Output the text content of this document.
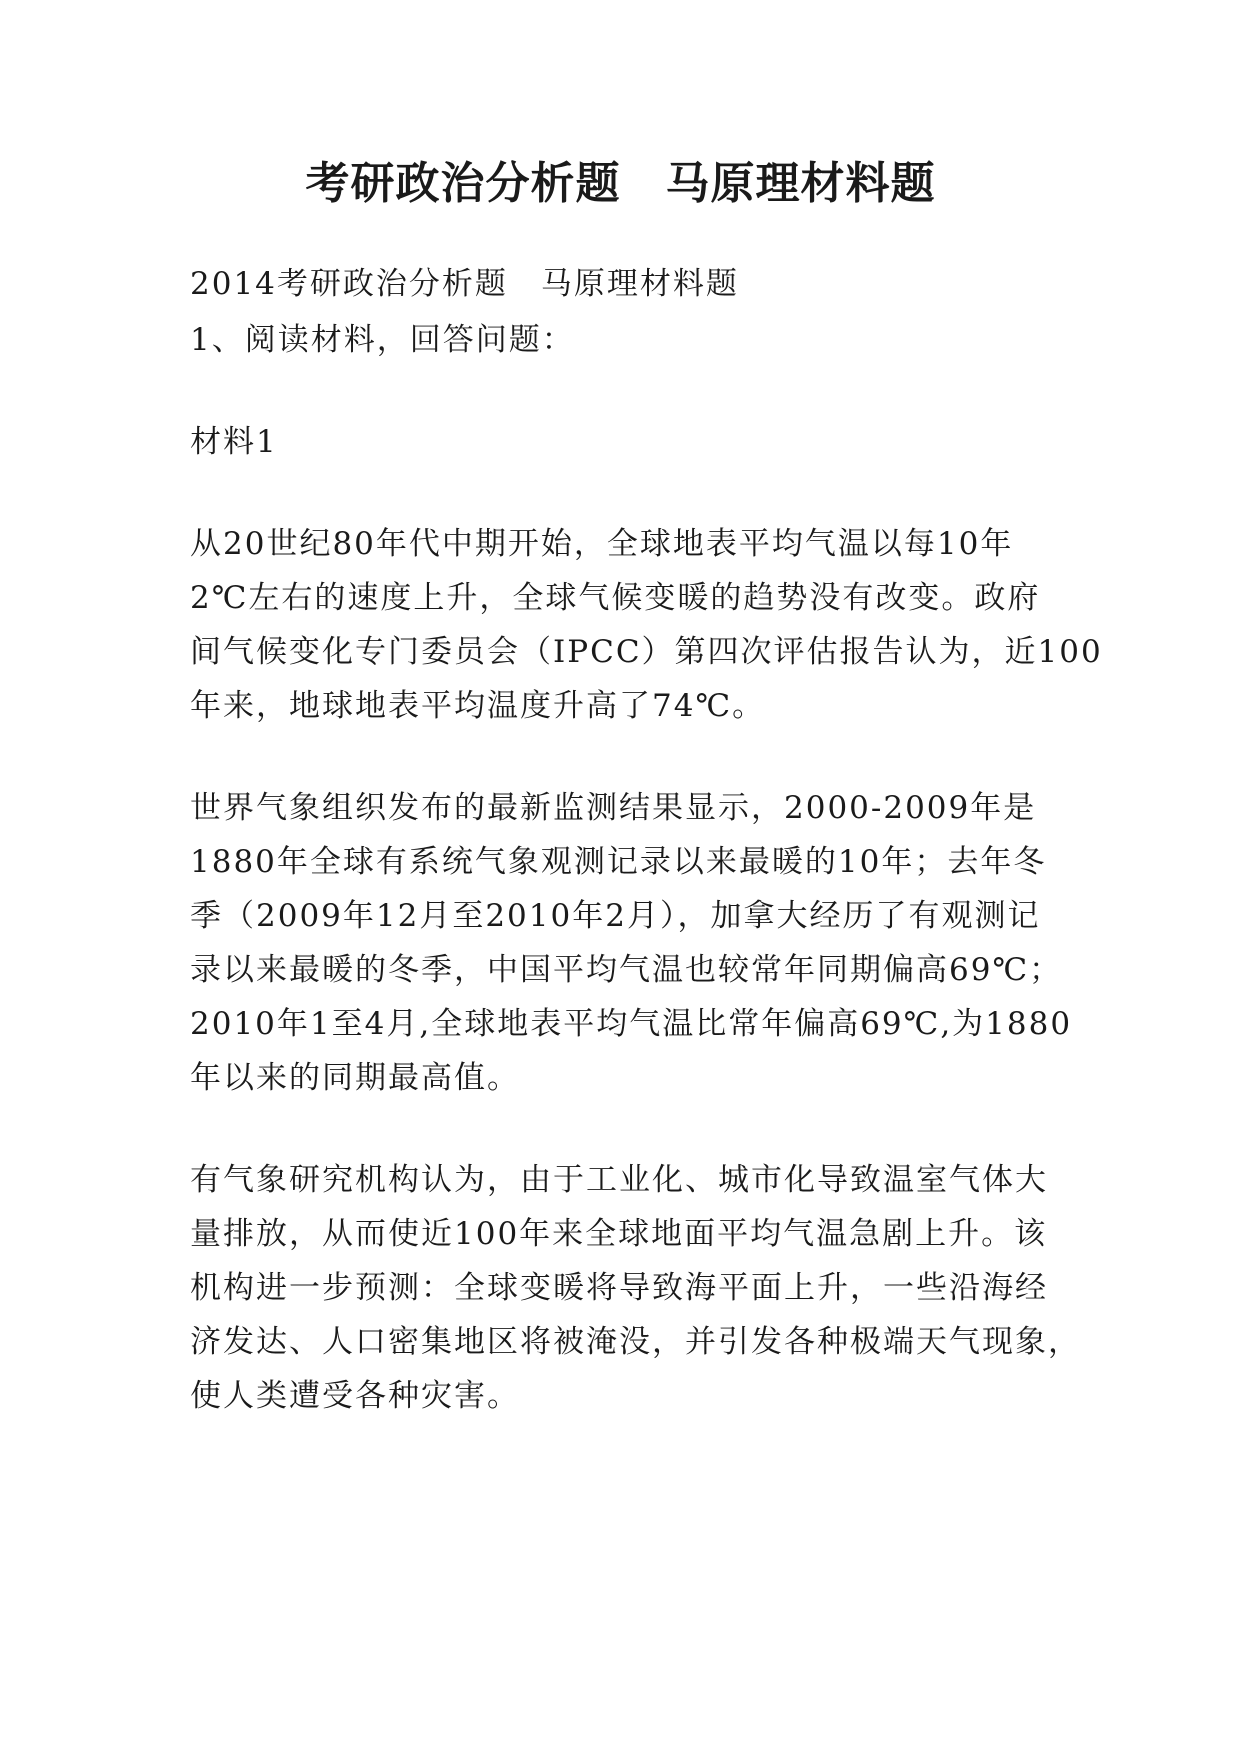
考研政治分析题　马原理材料题
2014考研政治分析题　马原理材料题
1、阅读材料，回答问题：
材料1
从20世纪80年代中期开始，全球地表平均气温以每10年
2℃左右的速度上升，全球气候变暖的趋势没有改变。政府
间气候变化专门委员会（IPCC）第四次评估报告认为，近100
年来，地球地表平均温度升高了74℃。
世界气象组织发布的最新监测结果显示，2000-2009年是
1880年全球有系统气象观测记录以来最暖的10年；去年冬
季（2009年12月至2010年2月），加拿大经历了有观测记
录以来最暖的冬季，中国平均气温也较常年同期偏高69℃；
2010年1至4月,全球地表平均气温比常年偏高69℃,为1880
年以来的同期最高值。
有气象研究机构认为，由于工业化、城市化导致温室气体大
量排放，从而使近100年来全球地面平均气温急剧上升。该
机构进一步预测：全球变暖将导致海平面上升，一些沿海经
济发达、人口密集地区将被淹没，并引发各种极端天气现象，
使人类遭受各种灾害。
